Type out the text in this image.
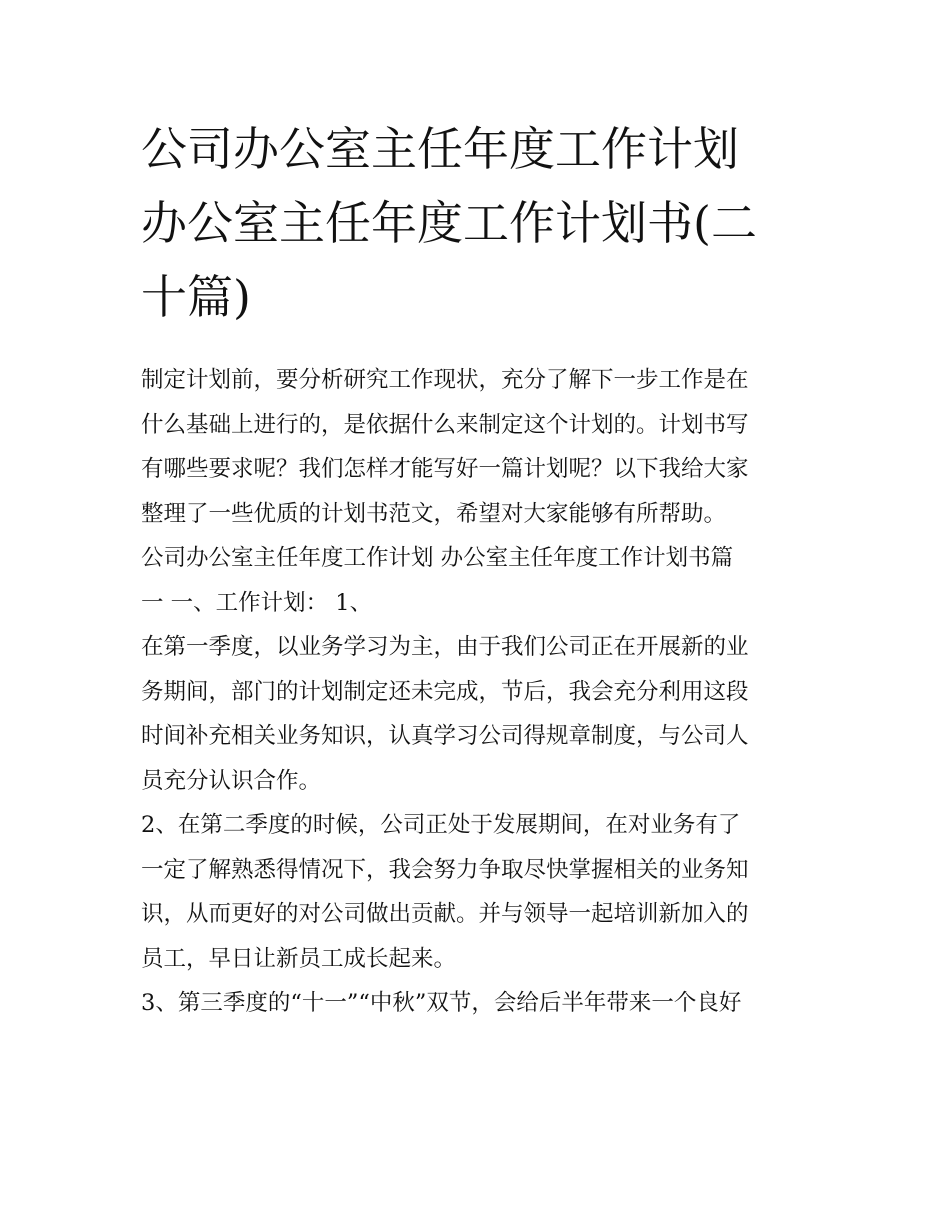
公司办公室主任年度工作计划
办公室主任年度工作计划书(二
十篇)
制定计划前，要分析研究工作现状，充分了解下一步工作是在
什么基础上进行的，是依据什么来制定这个计划的。计划书写
有哪些要求呢？我们怎样才能写好一篇计划呢？以下我给大家
整理了一些优质的计划书范文，希望对大家能够有所帮助。
公司办公室主任年度工作计划 办公室主任年度工作计划书篇
一 一、工作计划： 1、
在第一季度，以业务学习为主，由于我们公司正在开展新的业
务期间，部门的计划制定还未完成，节后，我会充分利用这段
时间补充相关业务知识，认真学习公司得规章制度，与公司人
员充分认识合作。
2、在第二季度的时候，公司正处于发展期间，在对业务有了
一定了解熟悉得情况下，我会努力争取尽快掌握相关的业务知
识，从而更好的对公司做出贡献。并与领导一起培训新加入的
员工，早日让新员工成长起来。
3、第三季度的“十一”“中秋”双节，会给后半年带来一个良好
